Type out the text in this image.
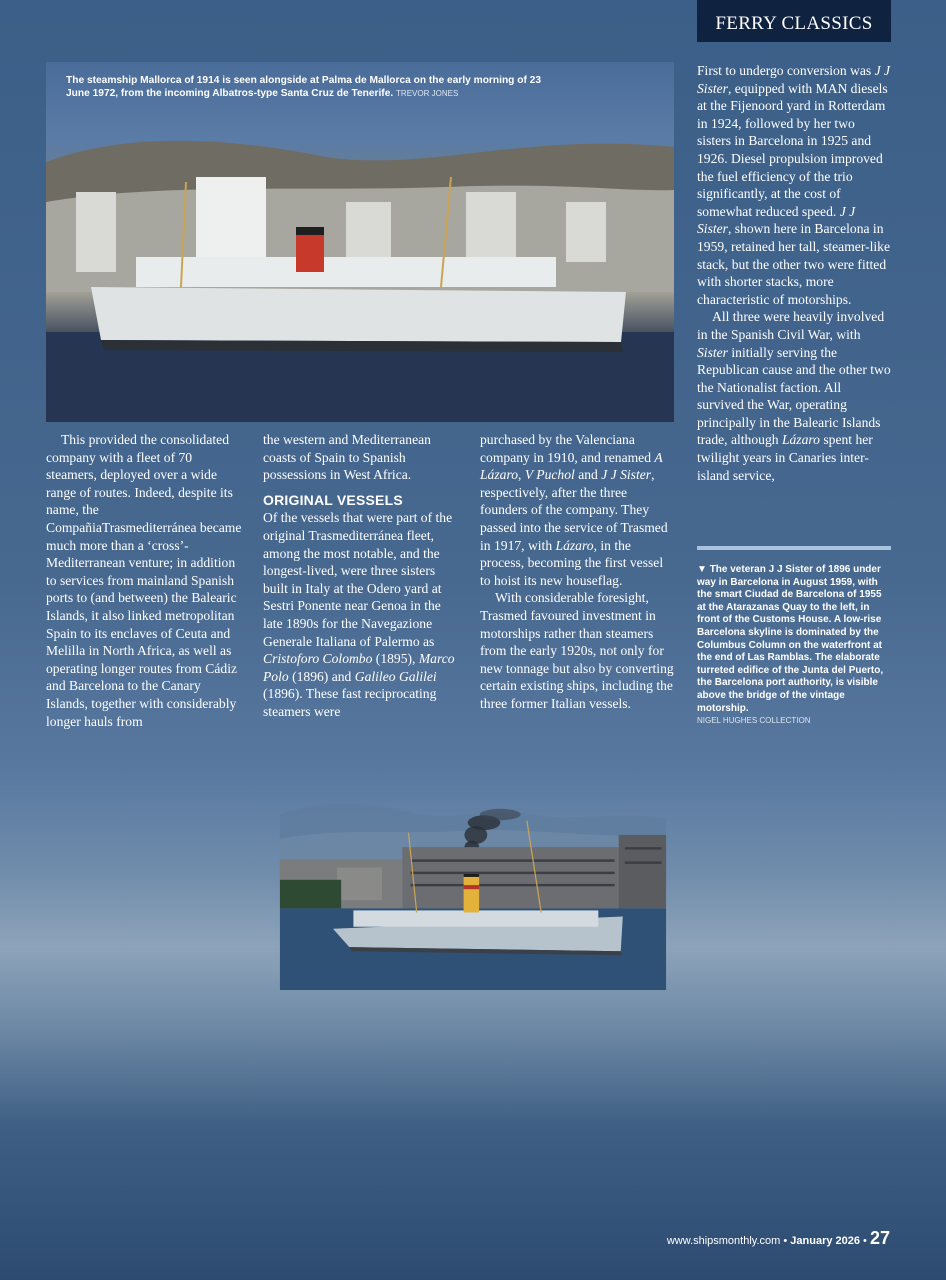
The steamship Mallorca of 1914 is seen alongside at Palma de Mallorca on the early morning of 23 June 1972, from the incoming Albatros-type Santa Cruz de Tenerife. TREVOR JONES
FERRY CLASSICS

This provided the consolidated company with a fleet of 70 steamers, deployed over a wide range of routes. Indeed, despite its name, the CompañiaTrasmediterránea became much more than a ‘cross’-Mediterranean venture; in addition to services from mainland Spanish ports to (and between) the Balearic Islands, it also linked metropolitan Spain to its enclaves of Ceuta and Melilla in North Africa, as well as operating longer routes from Cádiz and Barcelona to the Canary Islands, together with considerably longer hauls from

the western and Mediterranean coasts of Spain to Spanish possessions in West Africa.

ORIGINAL VESSELS

Of the vessels that were part of the original Trasmediterránea fleet, among the most notable, and the longest-lived, were three sisters built in Italy at the Odero yard at Sestri Ponente near Genoa in the late 1890s for the Navegazione Generale Italiana of Palermo as Cristoforo Colombo (1895), Marco Polo (1896) and Galileo Galilei (1896). These fast reciprocating steamers were

purchased by the Valenciana company in 1910, and renamed A Lázaro, V Puchol and J J Sister, respectively, after the three founders of the company. They passed into the service of Trasmed in 1917, with Lázaro, in the process, becoming the first vessel to hoist its new houseflag.

With considerable foresight, Trasmed favoured investment in motorships rather than steamers from the early 1920s, not only for new tonnage but also by converting certain existing ships, including the three former Italian vessels.

First to undergo conversion was J J Sister, equipped with MAN diesels at the Fijenoord yard in Rotterdam in 1924, followed by her two sisters in Barcelona in 1925 and 1926. Diesel propulsion improved the fuel efficiency of the trio significantly, at the cost of somewhat reduced speed. J J Sister, shown here in Barcelona in 1959, retained her tall, steamer-like stack, but the other two were fitted with shorter stacks, more characteristic of motorships.

All three were heavily involved in the Spanish Civil War, with Sister initially serving the Republican cause and the other two the Nationalist faction. All survived the War, operating principally in the Balearic Islands trade, although Lázaro spent her twilight years in Canaries inter-island service,

▼ The veteran J J Sister of 1896 under way in Barcelona in August 1959, with the smart Ciudad de Barcelona of 1955 at the Atarazanas Quay to the left, in front of the Customs House. A low-rise Barcelona skyline is dominated by the Columbus Column on the waterfront at the end of Las Ramblas. The elaborate turreted edifice of the Junta del Puerto, the Barcelona port authority, is visible above the bridge of the vintage motorship.
NIGEL HUGHES COLLECTION
www.shipsmonthly.com • January 2026 • 27
